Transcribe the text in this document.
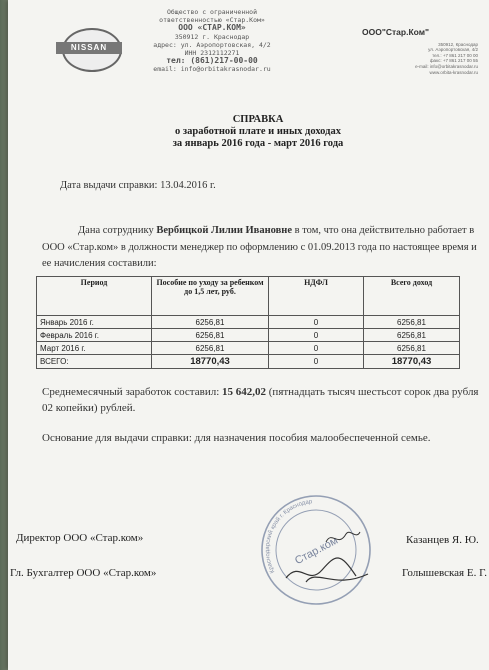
NISSAN
Общество с ограниченной
ответственностью «Стар.Ком»
ООО «СТАР.КОМ»
350912 г. Краснодар
адрес: ул. Аэропортовская, 4/2
ИНН 2312112271
тел: (861)217-00-00
email: info@orbitakrasnodar.ru
ООО"Стар.Ком"
350912, Краснодар
ул. Аэропортовская, 4/2
тел.: +7 861 217 00 00
факс: +7 861 217 00 55
e-mail: info@orbitakrasnodar.ru
www.orbita-krasnodar.ru
СПРАВКА
о заработной плате и иных доходах
за январь 2016 года - март 2016 года
Дата выдачи справки: 13.04.2016 г.
Дана сотруднику Вербицкой Лилии Ивановне в том, что она действительно работает в ООО «Стар.ком» в должности менеджер по оформлению с 01.09.2013 года по настоящее время и ее начисления составили:
Период	Пособие по уходу за ребенком до 1,5 лет, руб.	НДФЛ	Всего доход
Январь 2016 г.	6256,81	0	6256,81
Февраль 2016 г.	6256,81	0	6256,81
Март 2016 г.	6256,81	0	6256,81
ВСЕГО:	18770,43	0	18770,43
Среднемесячный заработок составил: 15 642,02 (пятнадцать тысяч шестьсот сорок два рубля 02 копейки) рублей.
Основание для выдачи справки: для назначения пособия малообеспеченной семье.
Стар.ком
Краснодарский край г. Краснодар
Директор ООО «Стар.ком»	Казанцев Я. Ю.
Гл. Бухгалтер ООО «Стар.ком»	Голышевская Е. Г.
